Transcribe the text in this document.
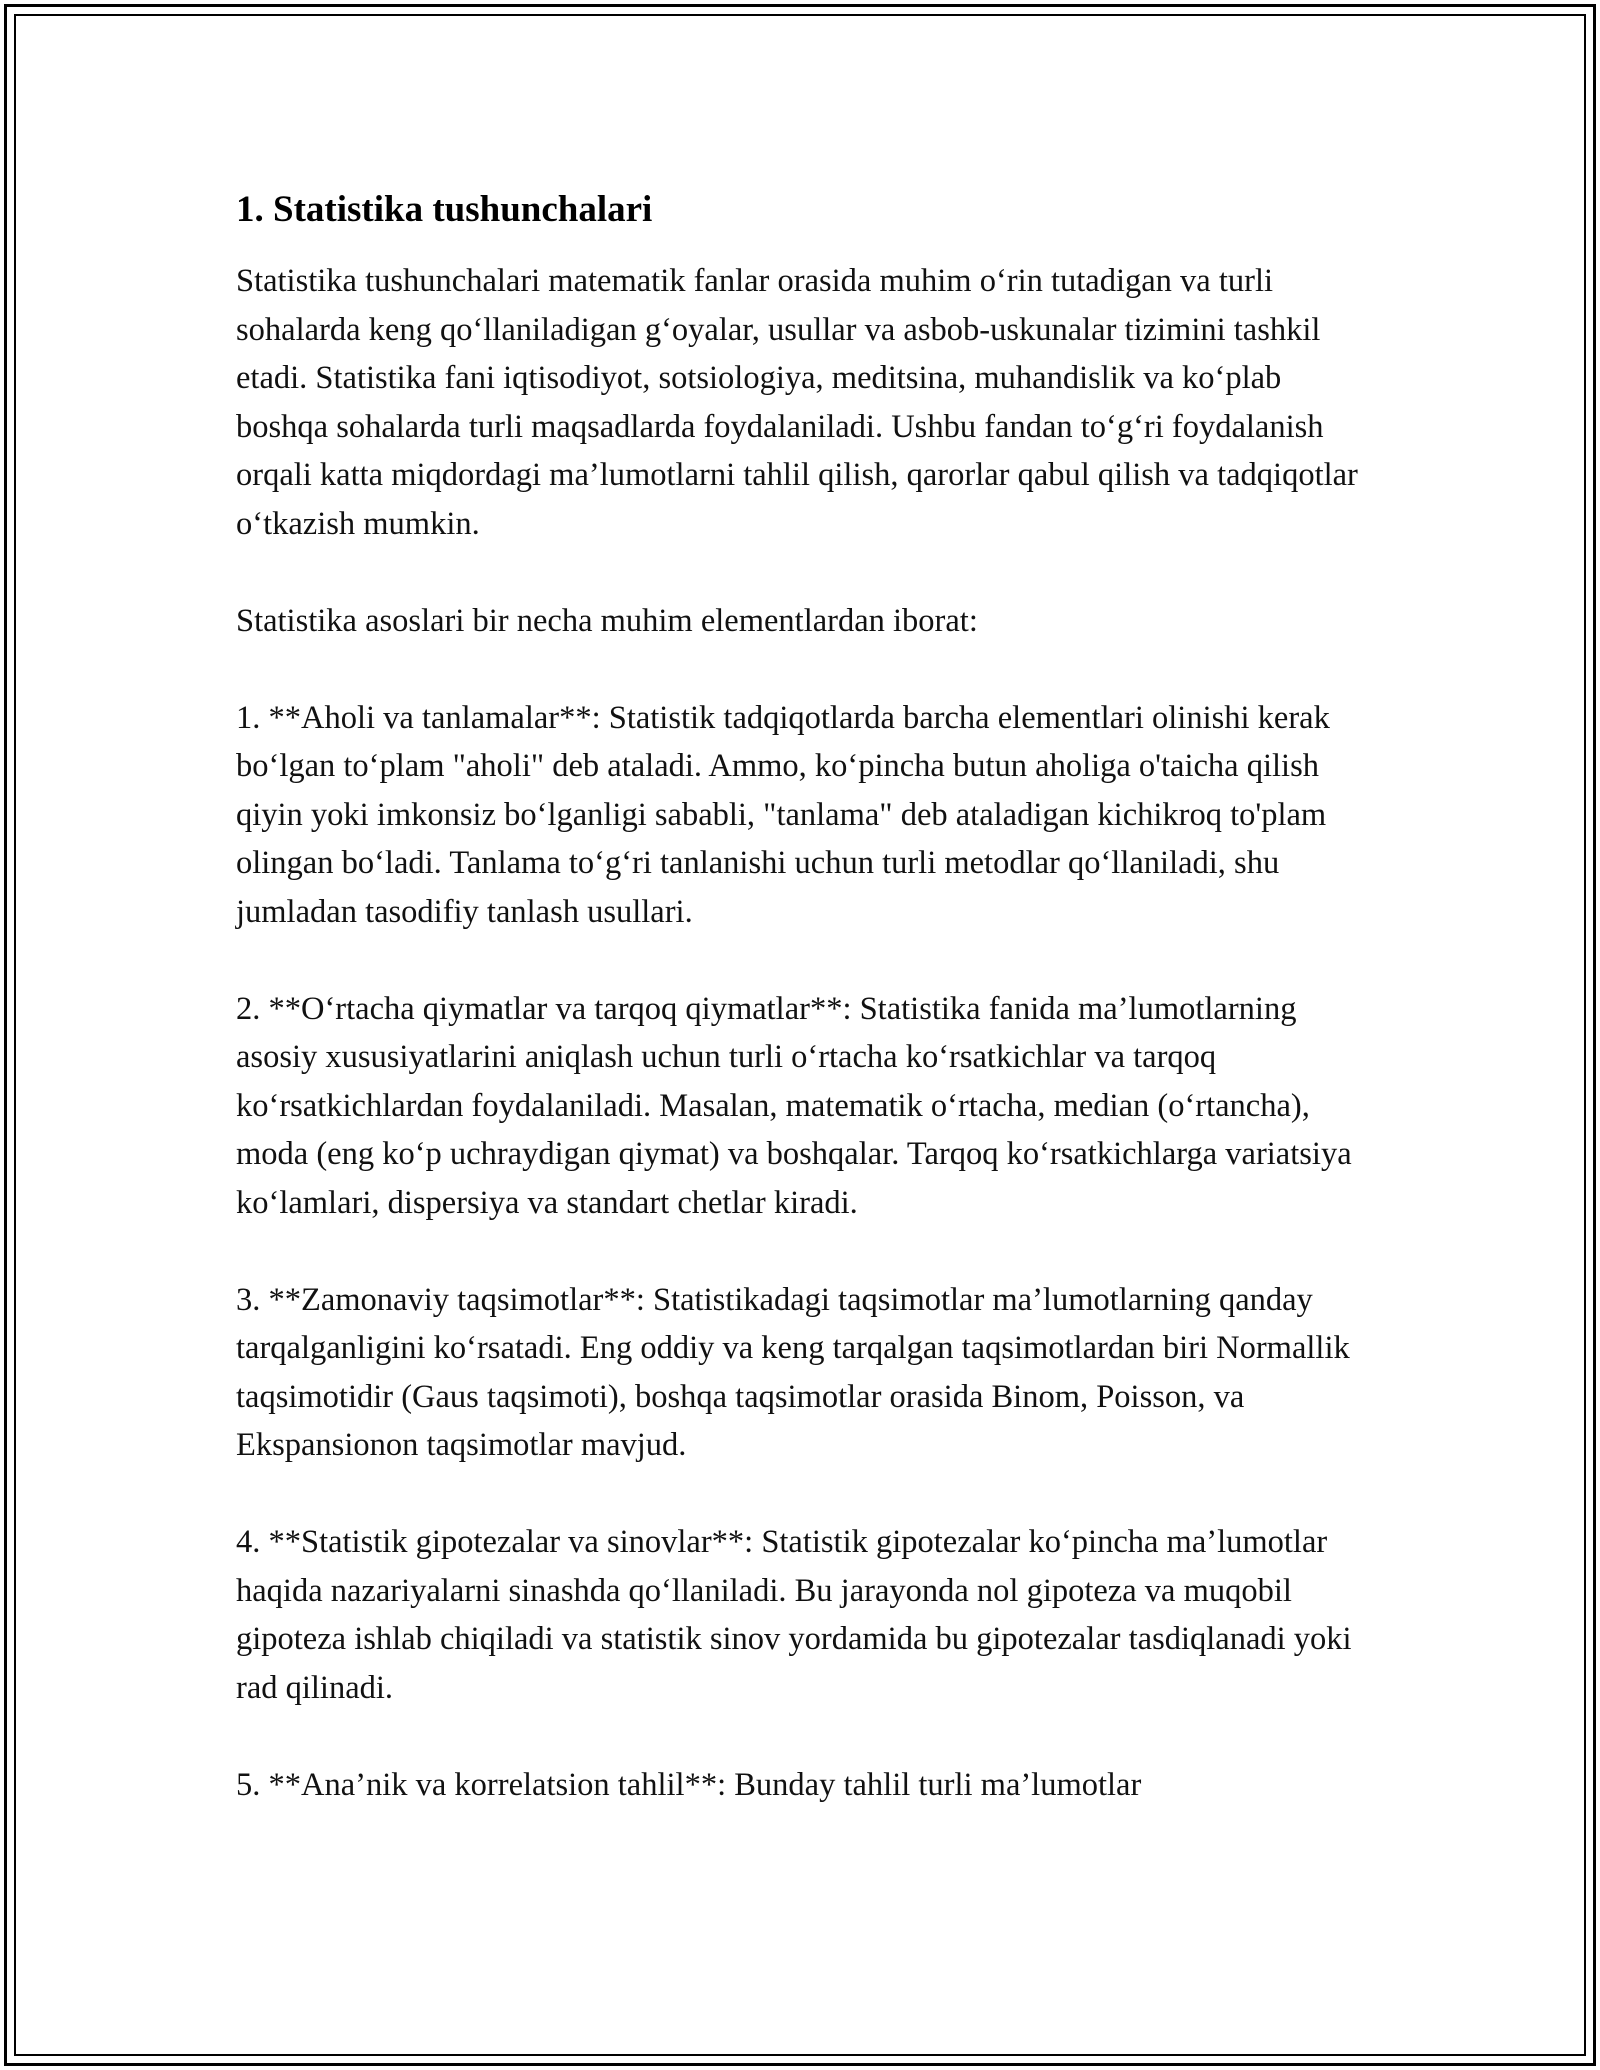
1. Statistika tushunchalari

Statistika tushunchalari matematik fanlar orasida muhim o‘rin tutadigan va turli sohalarda keng qo‘llaniladigan g‘oyalar, usullar va asbob-uskunalar tizimini tashkil etadi. Statistika fani iqtisodiyot, sotsiologiya, meditsina, muhandislik va ko‘plab boshqa sohalarda turli maqsadlarda foydalaniladi. Ushbu fandan to‘g‘ri foydalanish orqali katta miqdordagi ma’lumotlarni tahlil qilish, qarorlar qabul qilish va tadqiqotlar o‘tkazish mumkin.

Statistika asoslari bir necha muhim elementlardan iborat:

1. **Aholi va tanlamalar**: Statistik tadqiqotlarda barcha elementlari olinishi kerak bo‘lgan to‘plam "aholi" deb ataladi. Ammo, ko‘pincha butun aholiga o'taicha qilish qiyin yoki imkonsiz bo‘lganligi sababli, "tanlama" deb ataladigan kichikroq to'plam olingan bo‘ladi. Tanlama to‘g‘ri tanlanishi uchun turli metodlar qo‘llaniladi, shu jumladan tasodifiy tanlash usullari.

2. **O‘rtacha qiymatlar va tarqoq qiymatlar**: Statistika fanida ma’lumotlarning asosiy xususiyatlarini aniqlash uchun turli o‘rtacha ko‘rsatkichlar va tarqoq ko‘rsatkichlardan foydalaniladi. Masalan, matematik o‘rtacha, median (o‘rtancha), moda (eng ko‘p uchraydigan qiymat) va boshqalar. Tarqoq ko‘rsatkichlarga variatsiya ko‘lamlari, dispersiya va standart chetlar kiradi.

3. **Zamonaviy taqsimotlar**: Statistikadagi taqsimotlar ma’lumotlarning qanday tarqalganligini ko‘rsatadi. Eng oddiy va keng tarqalgan taqsimotlardan biri Normallik taqsimotidir (Gaus taqsimoti), boshqa taqsimotlar orasida Binom, Poisson, va Ekspansionon taqsimotlar mavjud.

4. **Statistik gipotezalar va sinovlar**: Statistik gipotezalar ko‘pincha ma’lumotlar haqida nazariyalarni sinashda qo‘llaniladi. Bu jarayonda nol gipoteza va muqobil gipoteza ishlab chiqiladi va statistik sinov yordamida bu gipotezalar tasdiqlanadi yoki rad qilinadi.

5. **Ana’nik va korrelatsion tahlil**: Bunday tahlil turli ma’lumotlar
